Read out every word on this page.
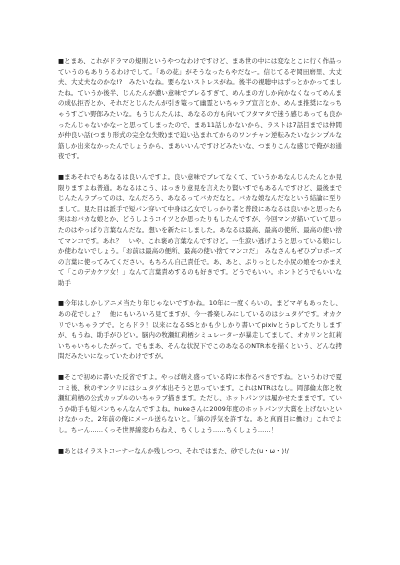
■とまあ、これがドラマの規則というやつなわけですけど、まあ世の中には変なとこに行く作品っていうのもありうるわけでして。「あの花」がそうなったらやだなー。信じてるぞ岡田磨里、大丈夫、大丈夫なのかな!?　みたいなね。要らないストレスがね。後半の視聴中はずっとかかってましたね。ていうか後半、じんたんが濃い意味でブレるすぎて、めんまの方しか向かなくなってめんまの成仏拒否とか、それだとじんたんが引き篭って幽霊といちゃラブ宣言とか、めんま推奨になっちゃうすごい野郎みたいな。もうじんたんは、あなるの方も向いてフタマタで迷う感じあっても良かったんじゃないかなーと思ってしまったので、まあ11話しかないから、ラストは7話目までは仲間が仲良い話(つまり形式の完全な失敗)まで迫い込まれてからのワンチャン逆転みたいなシンプルな筋しか出来なかったんでしょうから、まあいいんですけどみたいな、つまりこんな感じで俺がお通夜です。

■まあそれでもあなるは良いんですよ。良い意味でブレてなくて、ていうかあなんじんたんとか見限りますよね普通。あなるはこう、はっきり意見を言えたり賢いすでもあるんですけど、最後までじんたんラブってのは、なんだろう、あなるってバカだなと。バカな娘なんだなという結論に至りまして。見た目は派手で短パン穿いて中身は乙女でしっかり者と普段にあなるは良いかと思ったら実はおバカな娘とか、どうしようコイツとか思ったりもしたんですが、今回マンガ描いていて思ったのはやっぱり言葉なんだな。想いを新たにしました。あなるは最高、最高の使所、最高の使い捨てマンコです。あれ？　いや、これ褒め言葉なんですけど。一生涙い逃げようと思っている娘にしか使わないでしょう。「お前は最高の便所、最高の使い捨てマンコだ」　みなさんもぜひプロポーズの言葉に使ってみてください。もちろん自己責任で。あ、あと、ぷりっとした小尻の娘をつかまえて「このデカケツ女！」なんて言葉責めするのも好きです。どうでもいい。ホントどうでもいいな助手

■今年はしかしアニメ当たり年じゃないですかね。10年に一度くらいの。まどマギもあったし、あの花でしょ？　他にもいろいろ見てますが、今一番楽しみにしているのはシュタゲです。オカクリでいちゃラブで。とらドラ！以来になるSSとかも少しかり書いてpixivとうpしてたりしますが、もうね、助手がひどい。脳内の牧瀬紅莉栖シミュレーターが暴走してまして、オカリンと紅莉いちゃいちゃしたがって。でもまあ、そんな状況下でこのあなるのNTR本を描くという、どんな拷問だみたいになっていたわけですが。

■そこで初めに書いた反省ですよ。やっぱ萌え盛っている時に本作るべきですね。というわけで夏コミ後、秋のサンクリにはシュタゲ本出そうと思っています。これはNTRはなし。岡部倫太郎と牧瀬紅莉栖の公式カップルのいちゃラブ描きます。ただし、ホットパンツは履かせたままです。ていうか助手も短パンちゃんなんですよね。hukeさんに2009年度のホットパンツ大賞を上げないといけなかった。2年前の俺にメール送らないと。「縞の浮気を許すな。あと真面目に働け」これでよし。ちーん……くっそ世界線変わらねえ、ちくしょう……ちくしょう……！

■あとはイラストコーナーなんか残しつつ、それではまた、砂でした(u・ω・)!/
